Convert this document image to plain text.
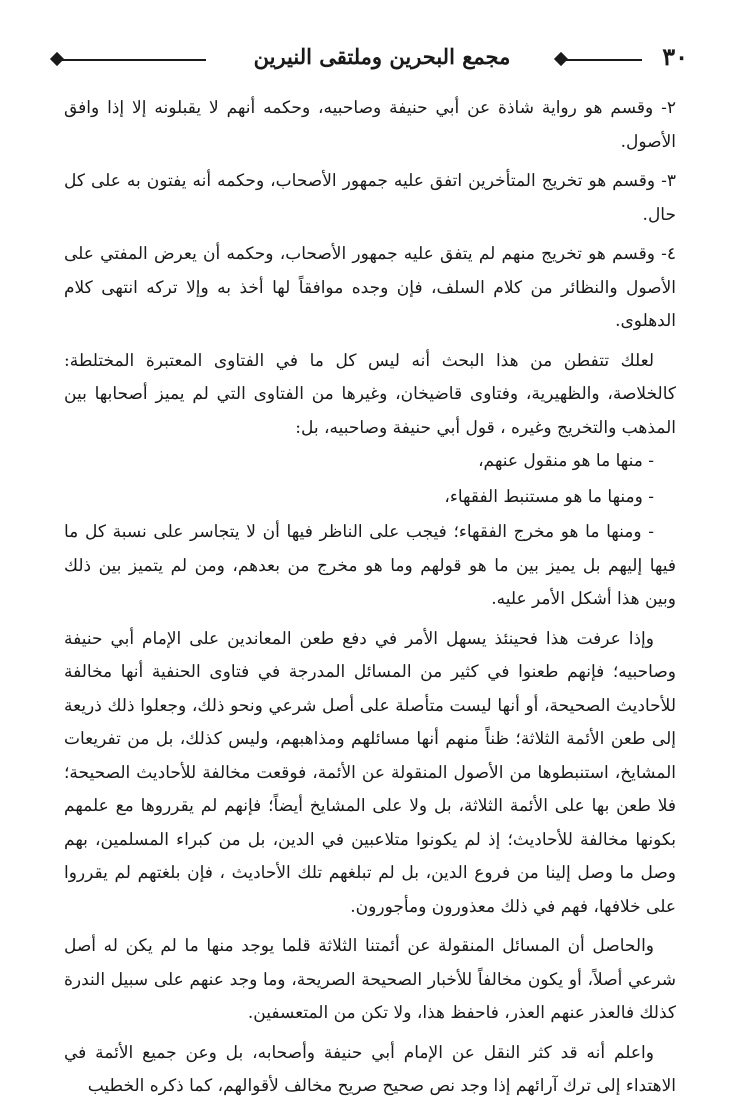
٣٠
مجمع البحرين وملتقى النيرين

٢- وقسم هو رواية شاذة عن أبي حنيفة وصاحبيه، وحكمه أنهم لا يقبلونه إلا إذا وافق الأصول.

٣- وقسم هو تخريج المتأخرين اتفق عليه جمهور الأصحاب، وحكمه أنه يفتون به على كل حال.

٤- وقسم هو تخريج منهم لم يتفق عليه جمهور الأصحاب، وحكمه أن يعرض المفتي على الأصول والنظائر من كلام السلف، فإن وجده موافقاً لها أخذ به وإلا تركه انتهى كلام الدهلوى.

لعلك تتفطن من هذا البحث أنه ليس كل ما في الفتاوى المعتبرة المختلطة: كالخلاصة، والظهيرية، وفتاوى قاضيخان، وغيرها من الفتاوى التي لم يميز أصحابها بين المذهب والتخريج وغيره ، قول أبي حنيفة وصاحبيه، بل:

- منها ما هو منقول عنهم،

- ومنها ما هو مستنبط الفقهاء،

- ومنها ما هو مخرج الفقهاء؛ فيجب على الناظر فيها أن لا يتجاسر على نسبة كل ما فيها إليهم بل يميز بين ما هو قولهم وما هو مخرج من بعدهم، ومن لم يتميز بين ذلك وبين هذا أشكل الأمر عليه.

وإذا عرفت هذا فحينئذ يسهل الأمر في دفع طعن المعاندين على الإمام أبي حنيفة وصاحبيه؛ فإنهم طعنوا في كثير من المسائل المدرجة في فتاوى الحنفية أنها مخالفة للأحاديث الصحيحة، أو أنها ليست متأصلة على أصل شرعي ونحو ذلك، وجعلوا ذلك ذريعة إلى طعن الأئمة الثلاثة؛ ظناً منهم أنها مسائلهم ومذاهبهم، وليس كذلك، بل من تفريعات المشايخ، استنبطوها من الأصول المنقولة عن الأئمة، فوقعت مخالفة للأحاديث الصحيحة؛ فلا طعن بها على الأئمة الثلاثة، بل ولا على المشايخ أيضاً؛ فإنهم لم يقرروها مع علمهم بكونها مخالفة للأحاديث؛ إذ لم يكونوا متلاعبين في الدين، بل من كبراء المسلمين، بهم وصل ما وصل إلينا من فروع الدين، بل لم تبلغهم تلك الأحاديث ، فإن بلغتهم لم يقرروا على خلافها، فهم في ذلك معذورون ومأجورون.

والحاصل أن المسائل المنقولة عن أئمتنا الثلاثة قلما يوجد منها ما لم يكن له أصل شرعي أصلاً، أو يكون مخالفاً للأخبار الصحيحة الصريحة، وما وجد عنهم على سبيل الندرة كذلك فالعذر عنهم العذر، فاحفظ هذا، ولا تكن من المتعسفين.

واعلم أنه قد كثر النقل عن الإمام أبي حنيفة وأصحابه، بل وعن جميع الأئمة في الاهتداء إلى ترك آرائهم إذا وجد نص صحيح صريح مخالف لأقوالهم، كما ذكره الخطيب
